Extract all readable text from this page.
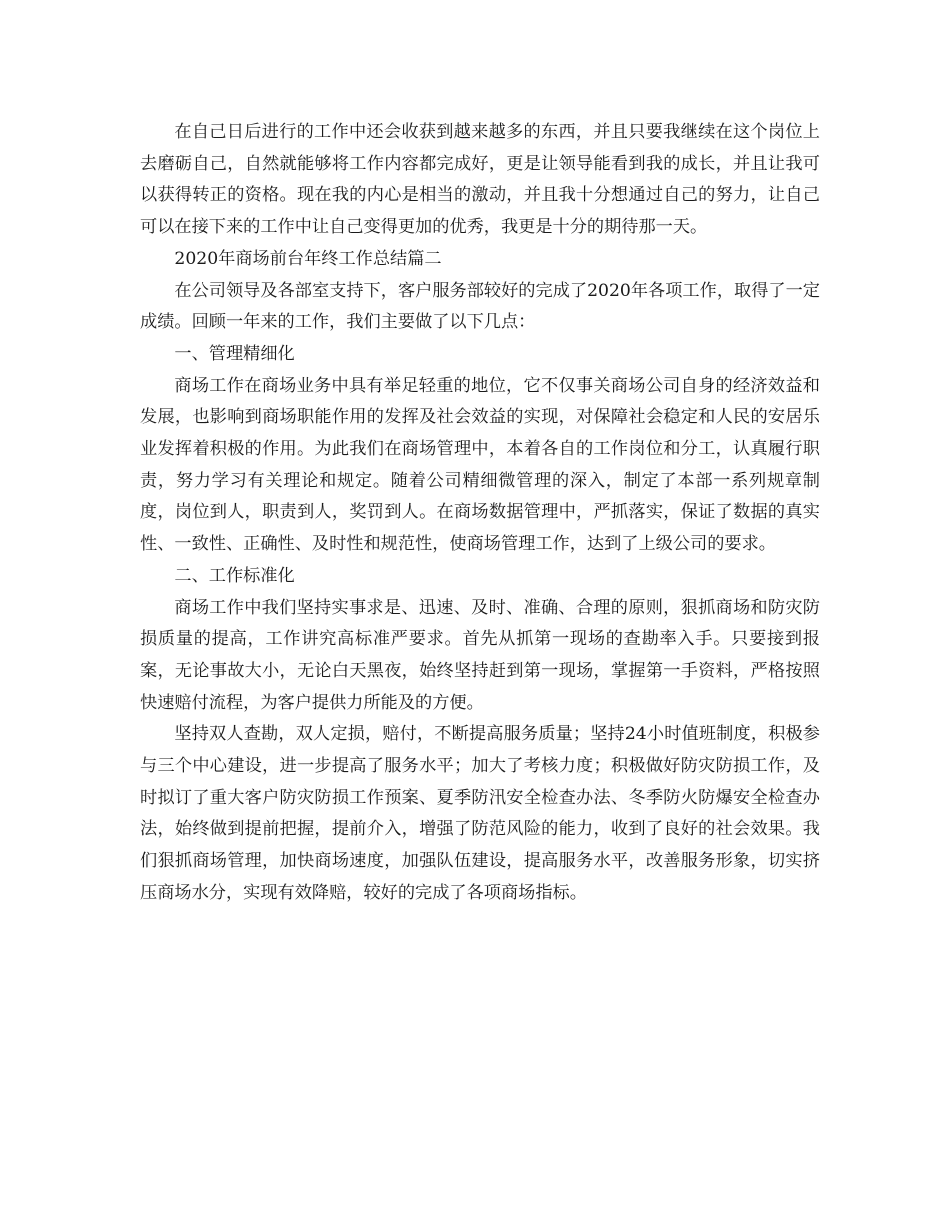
在自己日后进行的工作中还会收获到越来越多的东西，并且只要我继续在这个岗位上去磨砺自己，自然就能够将工作内容都完成好，更是让领导能看到我的成长，并且让我可以获得转正的资格。现在我的内心是相当的激动，并且我十分想通过自己的努力，让自己可以在接下来的工作中让自己变得更加的优秀，我更是十分的期待那一天。

2020年商场前台年终工作总结篇二

在公司领导及各部室支持下，客户服务部较好的完成了2020年各项工作，取得了一定成绩。回顾一年来的工作，我们主要做了以下几点：

一、管理精细化

商场工作在商场业务中具有举足轻重的地位，它不仅事关商场公司自身的经济效益和发展，也影响到商场职能作用的发挥及社会效益的实现，对保障社会稳定和人民的安居乐业发挥着积极的作用。为此我们在商场管理中，本着各自的工作岗位和分工，认真履行职责，努力学习有关理论和规定。随着公司精细微管理的深入，制定了本部一系列规章制度，岗位到人，职责到人，奖罚到人。在商场数据管理中，严抓落实，保证了数据的真实性、一致性、正确性、及时性和规范性，使商场管理工作，达到了上级公司的要求。

二、工作标准化

商场工作中我们坚持实事求是、迅速、及时、准确、合理的原则，狠抓商场和防灾防损质量的提高，工作讲究高标准严要求。首先从抓第一现场的查勘率入手。只要接到报案，无论事故大小，无论白天黑夜，始终坚持赶到第一现场，掌握第一手资料，严格按照快速赔付流程，为客户提供力所能及的方便。

坚持双人查勘，双人定损，赔付，不断提高服务质量；坚持24小时值班制度，积极参与三个中心建设，进一步提高了服务水平；加大了考核力度；积极做好防灾防损工作，及时拟订了重大客户防灾防损工作预案、夏季防汛安全检查办法、冬季防火防爆安全检查办法，始终做到提前把握，提前介入，增强了防范风险的能力，收到了良好的社会效果。我们狠抓商场管理，加快商场速度，加强队伍建设，提高服务水平，改善服务形象，切实挤压商场水分，实现有效降赔，较好的完成了各项商场指标。
